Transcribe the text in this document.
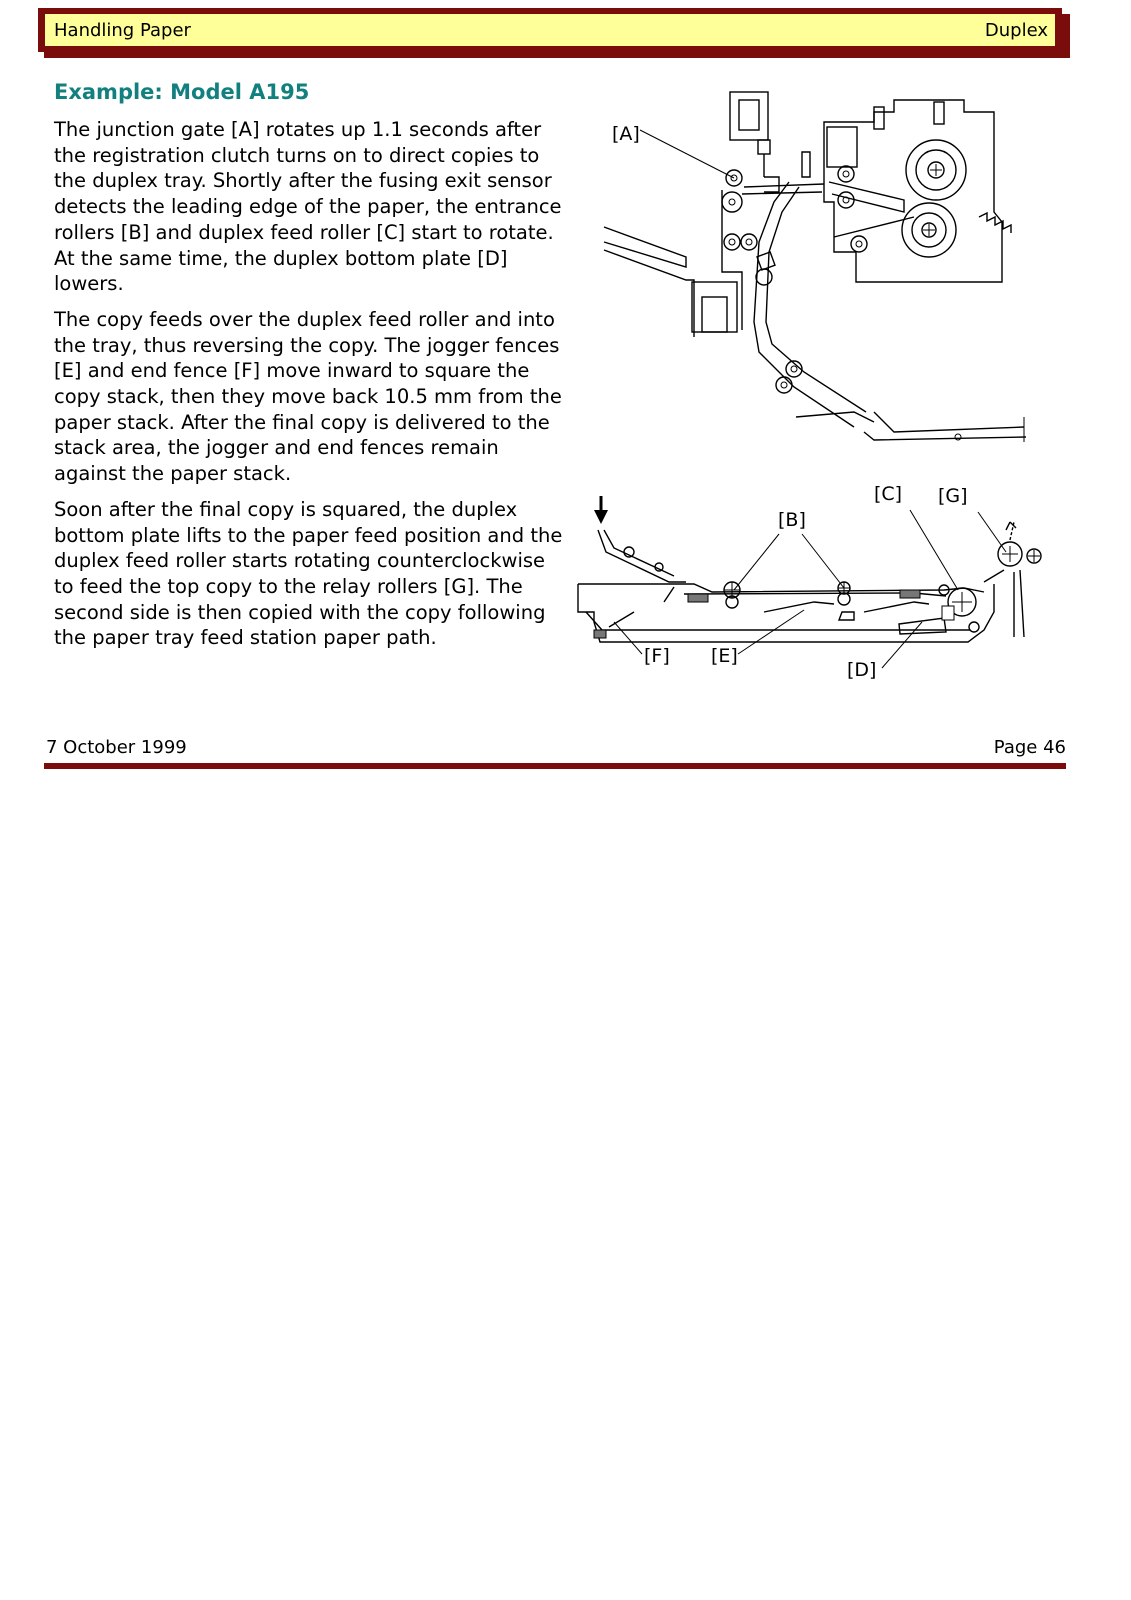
Handling Paper	Duplex
Example: Model A195

The junction gate [A] rotates up 1.1 seconds after the registration clutch turns on to direct copies to the duplex tray. Shortly after the fusing exit sensor detects the leading edge of the paper, the entrance rollers [B] and duplex feed roller [C] start to rotate. At the same time, the duplex bottom plate [D] lowers.

The copy feeds over the duplex feed roller and into the tray, thus reversing the copy. The jogger fences [E] and end fence [F] move inward to square the copy stack, then they move back 10.5 mm from the paper stack. After the final copy is delivered to the stack area, the jogger and end fences remain against the paper stack.

Soon after the final copy is squared, the duplex bottom plate lifts to the paper feed position and the duplex feed roller starts rotating counterclockwise to feed the top copy to the relay rollers [G]. The second side is then copied with the copy following the paper tray feed station paper path.

[A]
[B]
[C] [G]
[F] [E]
[D]
7 October 1999	Page 46
